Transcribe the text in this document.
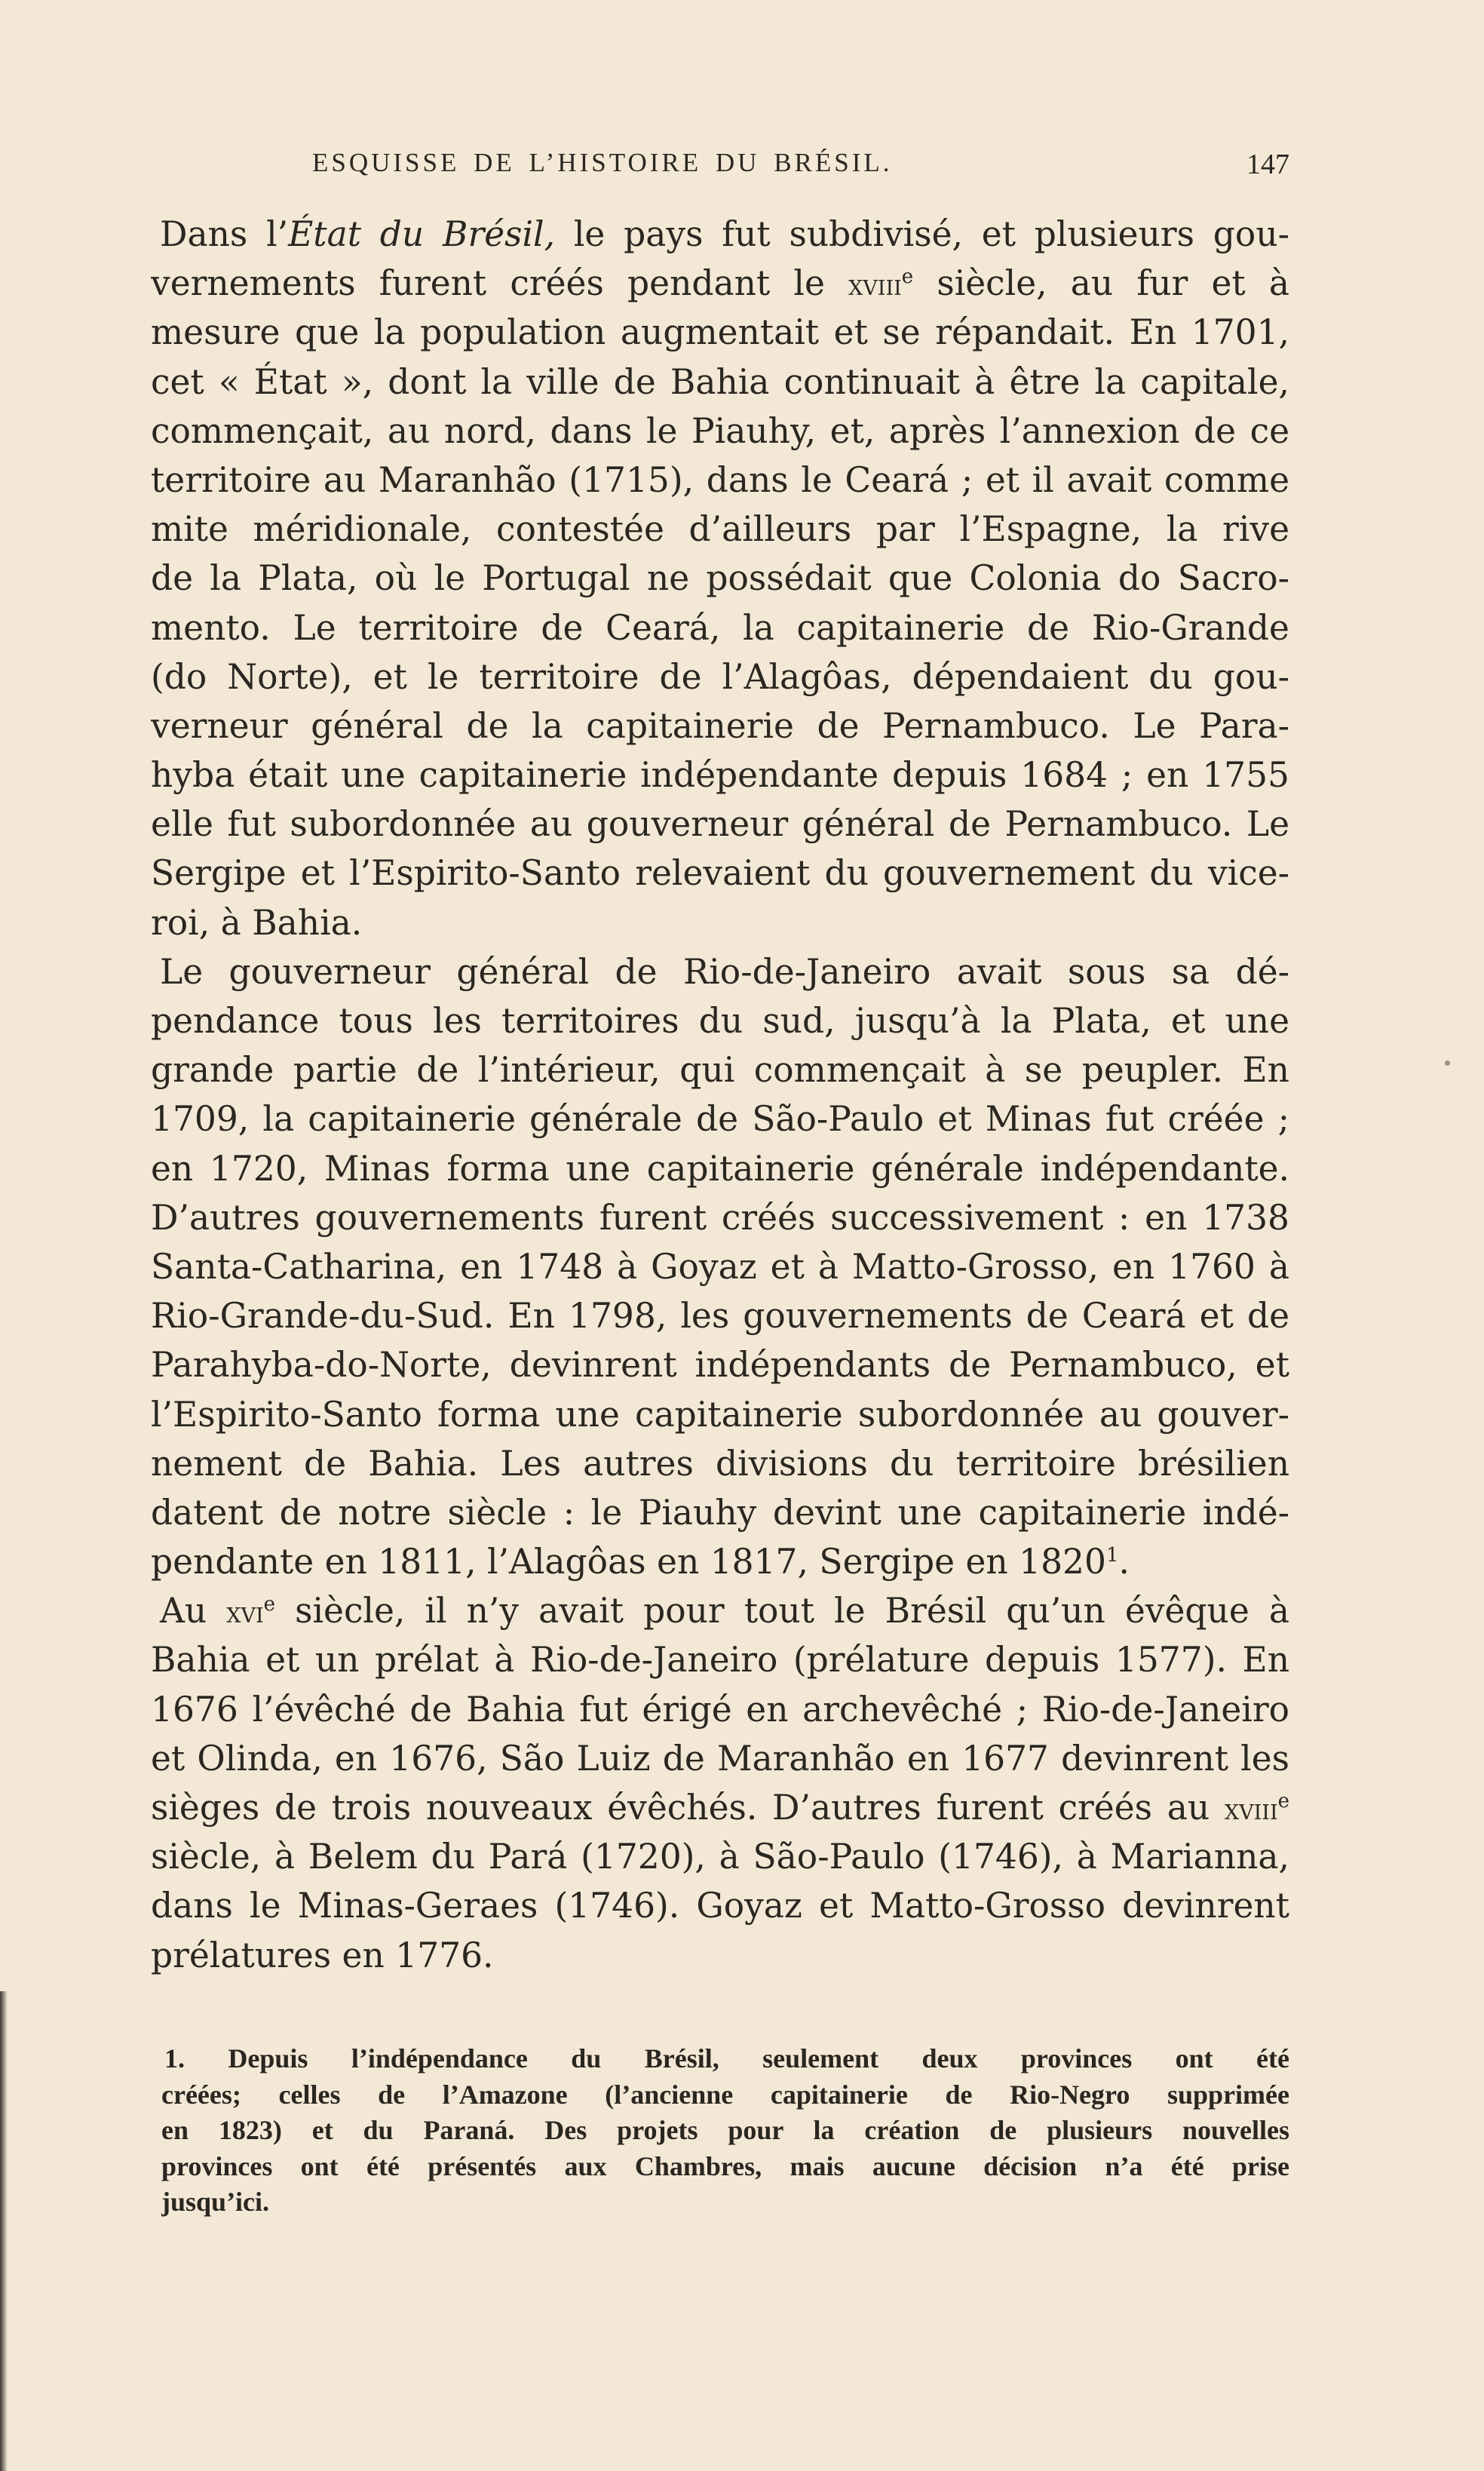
ESQUISSE DE L’HISTOIRE DU BRÉSIL.	147

Dans l’État du Brésil, le pays fut subdivisé, et plusieurs gou-
vernements furent créés pendant le xviii$^e$ siècle, au fur et à
mesure que la population augmentait et se répandait. En 1701,
cet « État », dont la ville de Bahia continuait à être la capitale,
commençait, au nord, dans le Piauhy, et, après l’annexion de ce
territoire au Maranhão (1715), dans le Ceará ; et il avait comme
mite méridionale, contestée d’ailleurs par l’Espagne, la rive
de la Plata, où le Portugal ne possédait que Colonia do Sacro-
mento. Le territoire de Ceará, la capitainerie de Rio-Grande
(do Norte), et le territoire de l’Alagôas, dépendaient du gou-
verneur général de la capitainerie de Pernambuco. Le Para-
hyba était une capitainerie indépendante depuis 1684 ; en 1755
elle fut subordonnée au gouverneur général de Pernambuco. Le
Sergipe et l’Espirito-Santo relevaient du gouvernement du vice-
roi, à Bahia.

Le gouverneur général de Rio-de-Janeiro avait sous sa dé-
pendance tous les territoires du sud, jusqu’à la Plata, et une
grande partie de l’intérieur, qui commençait à se peupler. En
1709, la capitainerie générale de São-Paulo et Minas fut créée ;
en 1720, Minas forma une capitainerie générale indépendante.
D’autres gouvernements furent créés successivement : en 1738
Santa-Catharina, en 1748 à Goyaz et à Matto-Grosso, en 1760 à
Rio-Grande-du-Sud. En 1798, les gouvernements de Ceará et de
Parahyba-do-Norte, devinrent indépendants de Pernambuco, et
l’Espirito-Santo forma une capitainerie subordonnée au gouver-
nement de Bahia. Les autres divisions du territoire brésilien
datent de notre siècle : le Piauhy devint une capitainerie indé-
pendante en 1811, l’Alagôas en 1817, Sergipe en 1820$^1$.

Au xvi$^e$ siècle, il n’y avait pour tout le Brésil qu’un évêque à
Bahia et un prélat à Rio-de-Janeiro (prélature depuis 1577). En
1676 l’évêché de Bahia fut érigé en archevêché ; Rio-de-Janeiro
et Olinda, en 1676, São Luiz de Maranhão en 1677 devinrent les
sièges de trois nouveaux évêchés. D’autres furent créés au xviii$^e$
siècle, à Belem du Pará (1720), à São-Paulo (1746), à Marianna,
dans le Minas-Geraes (1746). Goyaz et Matto-Grosso devinrent
prélatures en 1776.

1. Depuis l’indépendance du Brésil, seulement deux provinces ont été
créées; celles de l’Amazone (l’ancienne capitainerie de Rio-Negro supprimée
en 1823) et du Paraná. Des projets pour la création de plusieurs nouvelles
provinces ont été présentés aux Chambres, mais aucune décision n’a été prise
jusqu’ici.
